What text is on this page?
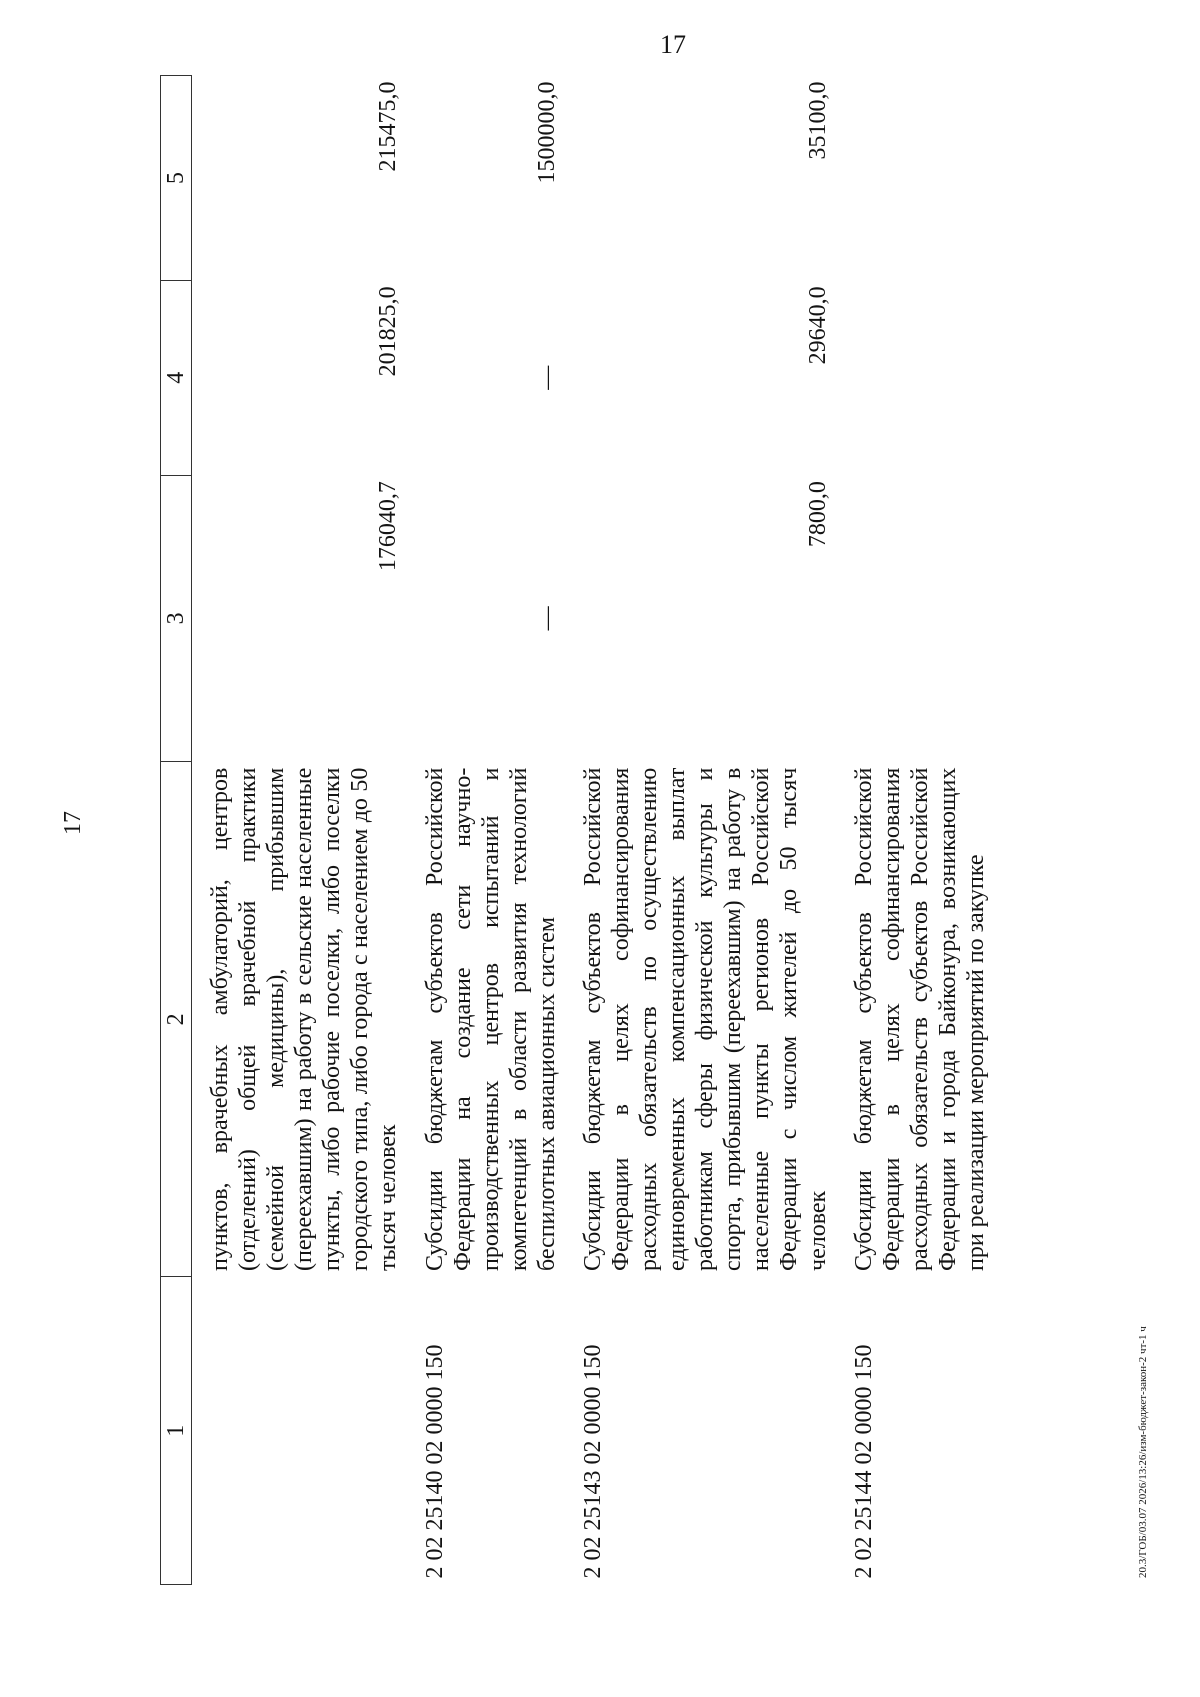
17
17
1	2	3	4	5
	пунктов, врачебных амбулаторий, центров (отделений) общей врачебной практики (семейной медицины), прибывшим (переехавшим) на работу в сельские населенные пункты, либо рабочие поселки, либо поселки городского типа, либо города с населением до 50 тысяч человек	176040,7	201825,0	215475,0
2 02 25140 02 0000 150	Субсидии бюджетам субъектов Российской Федерации на создание сети научно-производственных центров испытаний и компетенций в области развития технологий беспилотных авиационных систем	—	—	1500000,0
2 02 25143 02 0000 150	Субсидии бюджетам субъектов Российской Федерации в целях софинансирования расходных обязательств по осуществлению единовременных компенсационных выплат работникам сферы физической культуры и спорта, прибывшим (переехавшим) на работу в населенные пункты регионов Российской Федерации с числом жителей до 50 тысяч человек	7800,0	29640,0	35100,0
2 02 25144 02 0000 150	Субсидии бюджетам субъектов Российской Федерации в целях софинансирования расходных обязательств субъектов Российской Федерации и города Байконура, возникающих при реализации мероприятий по закупке			
20.3/ГОБ/03.07 2026/13:26/изм-бюджет-закон-2 чт-1 ч
